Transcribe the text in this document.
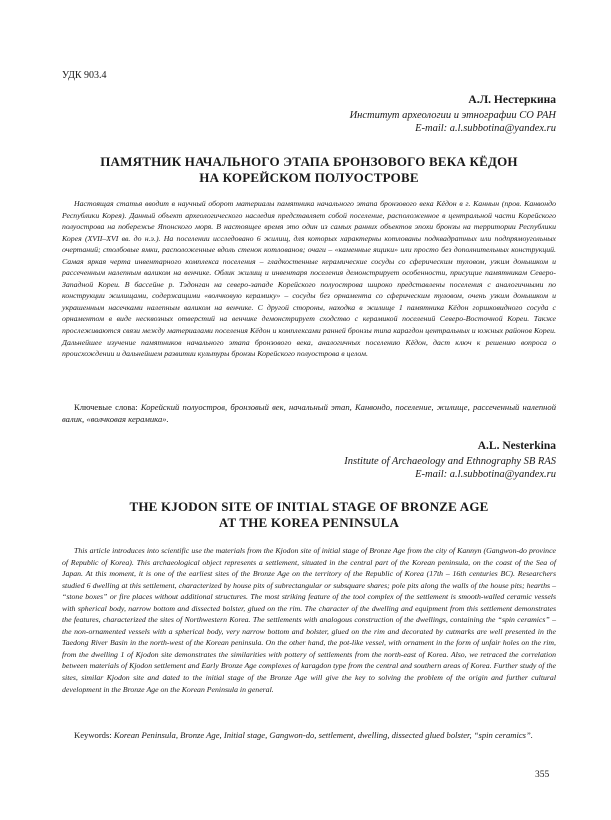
УДК 903.4
А.Л. Нестеркина
Институт археологии и этнографии СО РАН
E-mail: a.l.subbotina@yandex.ru
ПАМЯТНИК НАЧАЛЬНОГО ЭТАПА БРОНЗОВОГО ВЕКА КЁДОН
НА КОРЕЙСКОМ ПОЛУОСТРОВЕ

Настоящая статья вводит в научный оборот материалы памятника начального этапа бронзового века Кёдон в г. Каннын (пров. Канвондо Республики Корея). Данный объект археологического наследия представляет собой поселение, расположенное в центральной части Корейского полуострова на побережье Японского моря. В настоящее время это один из самых ранних объектов эпохи бронзы на территории Республики Корея (XVII–XVI вв. до н.э.). На поселении исследовано 6 жилищ, для которых характерны котлованы подквадратных или подпрямоугольных очертаний; столбовые ямки, расположенные вдоль стенок котлованов; очаги – «каменные ящики» или просто без дополнительных конструкций. Самая яркая черта инвентарного комплекса поселения – гладкостенные керамические сосуды со сферическим туловом, узким донышком и рассеченным налепным валиком на венчике. Облик жилищ и инвентаря поселения демонстрирует особенности, присущие памятникам Северо-Западной Кореи. В бассейне р. Тэдонган на северо-западе Корейского полуострова широко представлены поселения с аналогичными по конструкции жилищами, содержащими «волчковую керамику» – сосуды без орнамента со сферическим туловом, очень узким донышком и украшенным насечками налепным валиком на венчике. С другой стороны, находка в жилище 1 памятника Кёдон горшковидного сосуда с орнаментом в виде несквозных отверстий на венчике демонстрирует сходство с керамикой поселений Северо-Восточной Кореи. Также прослеживаются связи между материалами поселения Кёдон и комплексами ранней бронзы типа карагдон центральных и южных районов Кореи. Дальнейшее изучение памятников начального этапа бронзового века, аналогичных поселению Кёдон, даст ключ к решению вопроса о происхождении и дальнейшем развитии культуры бронзы Корейского полуострова в целом.

Ключевые слова: Корейский полуостров, бронзовый век, начальный этап, Канвондо, поселение, жилище, рассеченный налепной валик, «волчковая керамика».

A.L. Nesterkina
Institute of Archaeology and Ethnography SB RAS
E-mail: a.l.subbotina@yandex.ru
THE KJODON SITE OF INITIAL STAGE OF BRONZE AGE
AT THE KOREA PENINSULA

This article introduces into scientific use the materials from the Kjodon site of initial stage of Bronze Age from the city of Kannyn (Gangwon-do province of Republic of Korea). This archaeological object represents a settlement, situated in the central part of the Korean peninsula, on the coast of the Sea of Japan. At this moment, it is one of the earliest sites of the Bronze Age on the territory of the Republic of Korea (17th – 16th centuries BC). Researchers studied 6 dwelling at this settlement, characterized by house pits of subrectangular or subsquare shares; pole pits along the walls of the house pits; hearths – “stone boxes” or fire places without additional structures. The most striking feature of the tool complex of the settlement is smooth-walled ceramic vessels with spherical body, narrow bottom and dissected bolster, glued on the rim. The character of the dwelling and equipment from this settlement demonstrates the features, characterized the sites of Northwestern Korea. The settlements with analogous construction of the dwellings, containing the “spin ceramics” – the non-ornamented vessels with a spherical body, very narrow bottom and bolster, glued on the rim and decorated by cutmarks are well presented in the Taedong River Basin in the north-west of the Korean peninsula. On the other hand, the pot-like vessel, with ornament in the form of unfair holes on the rim, from the dwelling 1 of Kjodon site demonstrates the similarities with pottery of settlements from the north-east of Korea. Also, we retraced the correlation between materials of Kjodon settlement and Early Bronze Age complexes of karagdon type from the central and southern areas of Korea. Further study of the sites, similar Kjodon site and dated to the initial stage of the Bronze Age will give the key to solving the problem of the origin and further cultural development in the Bronze Age on the Korean Peninsula in general.

Keywords: Korean Peninsula, Bronze Age, Initial stage, Gangwon-do, settlement, dwelling, dissected glued bolster, “spin ceramics”.

355
